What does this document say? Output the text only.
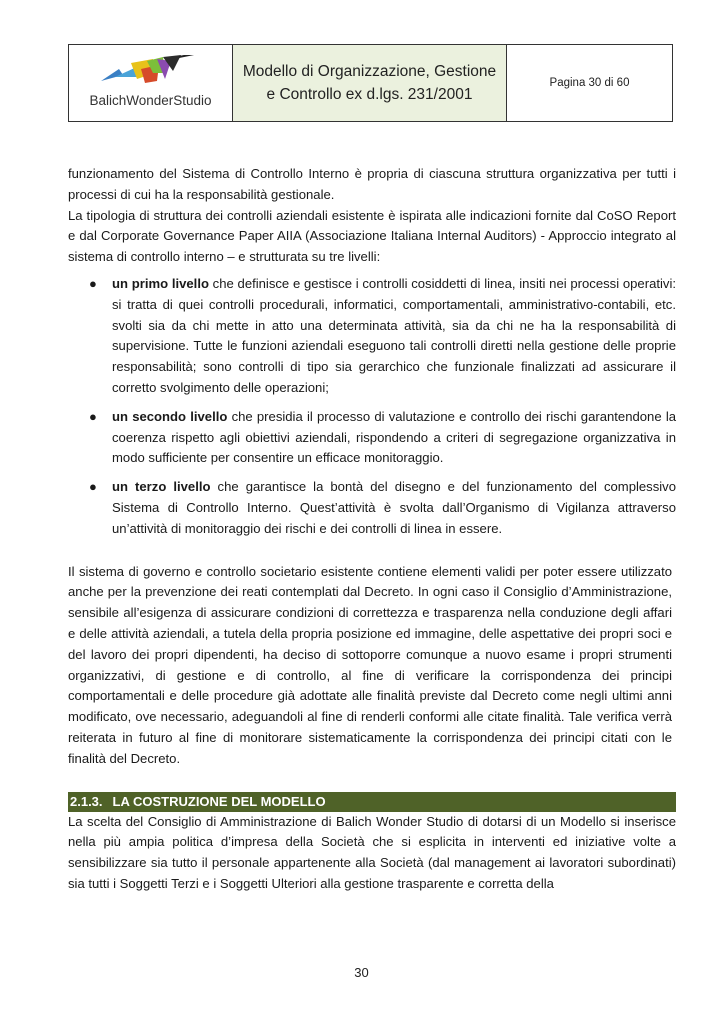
BalichWonderStudio
Modello di Organizzazione, Gestione e Controllo ex d.lgs. 231/2001
Pagina 30 di 60

funzionamento del Sistema di Controllo Interno è propria di ciascuna struttura organizzativa per tutti i processi di cui ha la responsabilità gestionale.

La tipologia di struttura dei controlli aziendali esistente è ispirata alle indicazioni fornite dal CoSO Report e dal Corporate Governance Paper AIIA (Associazione Italiana Internal Auditors) - Approccio integrato al sistema di controllo interno – e strutturata su tre livelli:

● un primo livello che definisce e gestisce i controlli cosiddetti di linea, insiti nei processi operativi: si tratta di quei controlli procedurali, informatici, comportamentali, amministrativo-contabili, etc. svolti sia da chi mette in atto una determinata attività, sia da chi ne ha la responsabilità di supervisione. Tutte le funzioni aziendali eseguono tali controlli diretti nella gestione delle proprie responsabilità; sono controlli di tipo sia gerarchico che funzionale finalizzati ad assicurare il corretto svolgimento delle operazioni;
● un secondo livello che presidia il processo di valutazione e controllo dei rischi garantendone la coerenza rispetto agli obiettivi aziendali, rispondendo a criteri di segregazione organizzativa in modo sufficiente per consentire un efficace monitoraggio.
● un terzo livello che garantisce la bontà del disegno e del funzionamento del complessivo Sistema di Controllo Interno. Quest’attività è svolta dall’Organismo di Vigilanza attraverso un’attività di monitoraggio dei rischi e dei controlli di linea in essere.

Il sistema di governo e controllo societario esistente contiene elementi validi per poter essere utilizzato anche per la prevenzione dei reati contemplati dal Decreto. In ogni caso il Consiglio d’Amministrazione, sensibile all’esigenza di assicurare condizioni di correttezza e trasparenza nella conduzione degli affari e delle attività aziendali, a tutela della propria posizione ed immagine, delle aspettative dei propri soci e del lavoro dei propri dipendenti, ha deciso di sottoporre comunque a nuovo esame i propri strumenti organizzativi, di gestione e di controllo, al fine di verificare la corrispondenza dei principi comportamentali e delle procedure già adottate alle finalità previste dal Decreto come negli ultimi anni modificato, ove necessario, adeguandoli al fine di renderli conformi alle citate finalità. Tale verifica verrà reiterata in futuro al fine di monitorare sistematicamente la corrispondenza dei principi citati con le finalità del Decreto.

2.1.3. LA COSTRUZIONE DEL MODELLO

La scelta del Consiglio di Amministrazione di Balich Wonder Studio di dotarsi di un Modello si inserisce nella più ampia politica d’impresa della Società che si esplicita in interventi ed iniziative volte a sensibilizzare sia tutto il personale appartenente alla Società (dal management ai lavoratori subordinati) sia tutti i Soggetti Terzi e i Soggetti Ulteriori alla gestione trasparente e corretta della

30
